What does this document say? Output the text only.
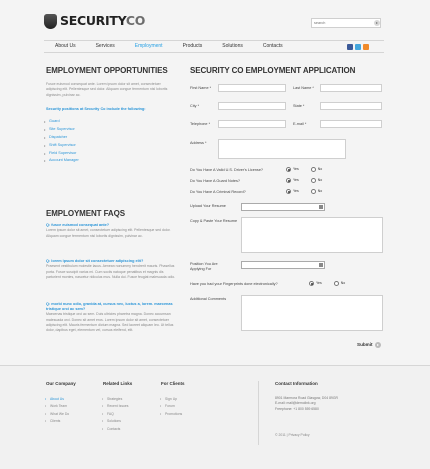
SECURITYCO
search
About Us	Services	Employment	Products	Solutions	Contacts
EMPLOYMENT OPPORTUNITIES
Fusce euismod consequat ante. Lorem ipsum dolor sit amet, consectetuer adipiscing elit. Pellentesque sed dolor. Aliquam congue fermentum nisl lobortis dignissim, pulvinar ac.
Security positions at Security Co include the following:
• Guard
• Site Supervisor
• Dispatcher
• Shift Supervisor
• Field Supervisor
• Account Manager
EMPLOYMENT FAQS
Q: fusce euismod consequat ante?
Lorem ipsum dolor sit amet, consectetuer adipiscing elit. Pellentesque sed dolor. Aliquam congue fermentum nisl lobortis dignissim, pulvinar ac.
Q: lorem ipsum dolor sit consectetuer adipiscing elit?
Praesent vestibulum molestie lacus. Aenean nonummy hendrerit mauris. Phasellus porta. Fusce suscipit varius mi. Cum sociis natoque penatibus et magnis dis parturient montes, nascetur ridiculus mus. Nulla dui. Fusce feugiat malesuada odio.
Q: morbi nunc odio, gravida at, cursus nec, luctus a, lorem. maecenas tristique orci ac sem?
Maecenas tristique orci ac sem. Duis ultricies pharetra magna. Donec accumsan malesuada orci. Donec sit amet eros. Lorem ipsum dolor sit amet, consectetuer adipiscing elit. Mauris fermentum dictum magna. Sed laoreet aliquam leo. Ut tellus dolor, dapibus eget, elementum vel, cursus eleifend, elit.
SECURITY CO EMPLOYMENT APPLICATION
First Name *	Last Name *
City *	State *
Telephone *	E-mail *
Address *
Do You Have A Valid U.S. Driver's License?	Yes	No
Do You Have A Guard Notes?	Yes	No
Do You Have A Criminal Record?	Yes	No
Upload Your Resume
Copy & Paste Your Resume
Position You Are Applying For
Have you had your Fingerprints done electronically?	Yes	No
Additional Comments
Submit
Our Company
• About Us
• Work Team
• What We Do
• Clients
Related Links
• Strategies
• Recent Issues
• FAQ
• Solutions
• Contacts
For Clients
• Sign Up
• Forum
• Promotions
Contact Information
8901 Marmora Road Glasgow, D04 89GR
E-mail: mail@demolink.org
Freephone: +1 800 559 6580
© 2011 | Privacy Policy
